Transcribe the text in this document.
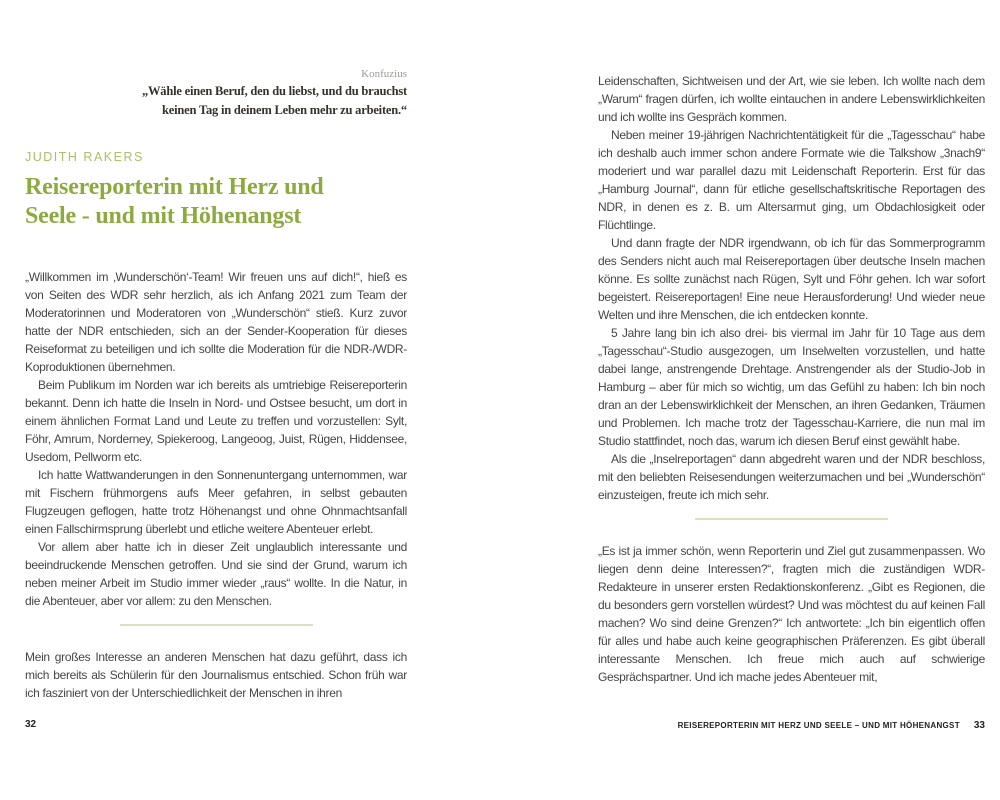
Konfuzius
„Wähle einen Beruf, den du liebst, und du brauchst
keinen Tag in deinem Leben mehr zu arbeiten.“
JUDITH RAKERS
Reisereporterin mit Herz und
Seele - und mit Höhenangst

„Willkommen im ‚Wunderschön‘-Team! Wir freuen uns auf dich!“, hieß es von Seiten des WDR sehr herzlich, als ich Anfang 2021 zum Team der Moderatorinnen und Moderatoren von „Wunderschön“ stieß. Kurz zuvor hatte der NDR entschieden, sich an der Sender-Kooperation für dieses Reiseformat zu beteiligen und ich sollte die Moderation für die NDR-/WDR-Koproduktionen übernehmen.

Beim Publikum im Norden war ich bereits als umtriebige Reisereporterin bekannt. Denn ich hatte die Inseln in Nord- und Ostsee besucht, um dort in einem ähnlichen Format Land und Leute zu treffen und vorzustellen: Sylt, Föhr, Amrum, Norderney, Spiekeroog, Langeoog, Juist, Rügen, Hiddensee, Usedom, Pellworm etc.

Ich hatte Wattwanderungen in den Sonnenuntergang unternommen, war mit Fischern frühmorgens aufs Meer gefahren, in selbst gebauten Flugzeugen geflogen, hatte trotz Höhenangst und ohne Ohnmachtsanfall einen Fallschirmsprung überlebt und etliche weitere Abenteuer erlebt.

Vor allem aber hatte ich in dieser Zeit unglaublich interessante und beeindruckende Menschen getroffen. Und sie sind der Grund, warum ich neben meiner Arbeit im Studio immer wieder „raus“ wollte. In die Natur, in die Abenteuer, aber vor allem: zu den Menschen.

Mein großes Interesse an anderen Menschen hat dazu geführt, dass ich mich bereits als Schülerin für den Journalismus entschied. Schon früh war ich fasziniert von der Unterschiedlichkeit der Menschen in ihren

Leidenschaften, Sichtweisen und der Art, wie sie leben. Ich wollte nach dem „Warum“ fragen dürfen, ich wollte eintauchen in andere Lebenswirklichkeiten und ich wollte ins Gespräch kommen.

Neben meiner 19-jährigen Nachrichtentätigkeit für die „Tagesschau“ habe ich deshalb auch immer schon andere Formate wie die Talkshow „3nach9“ moderiert und war parallel dazu mit Leidenschaft Reporterin. Erst für das „Hamburg Journal“, dann für etliche gesellschaftskritische Reportagen des NDR, in denen es z. B. um Altersarmut ging, um Obdachlosigkeit oder Flüchtlinge.

Und dann fragte der NDR irgendwann, ob ich für das Sommerprogramm des Senders nicht auch mal Reisereportagen über deutsche Inseln machen könne. Es sollte zunächst nach Rügen, Sylt und Föhr gehen. Ich war sofort begeistert. Reisereportagen! Eine neue Herausforderung! Und wieder neue Welten und ihre Menschen, die ich entdecken konnte.

5 Jahre lang bin ich also drei- bis viermal im Jahr für 10 Tage aus dem „Tagesschau“-Studio ausgezogen, um Inselwelten vorzustellen, und hatte dabei lange, anstrengende Drehtage. Anstrengender als der Studio-Job in Hamburg – aber für mich so wichtig, um das Gefühl zu haben: Ich bin noch dran an der Lebenswirklichkeit der Menschen, an ihren Gedanken, Träumen und Problemen. Ich mache trotz der Tagesschau-Karriere, die nun mal im Studio stattfindet, noch das, warum ich diesen Beruf einst gewählt habe.

Als die „Inselreportagen“ dann abgedreht waren und der NDR beschloss, mit den beliebten Reisesendungen weiterzumachen und bei „Wunderschön“ einzusteigen, freute ich mich sehr.

„Es ist ja immer schön, wenn Reporterin und Ziel gut zusammenpassen. Wo liegen denn deine Interessen?“, fragten mich die zuständigen WDR-Redakteure in unserer ersten Redaktionskonferenz. „Gibt es Regionen, die du besonders gern vorstellen würdest? Und was möchtest du auf keinen Fall machen? Wo sind deine Grenzen?“ Ich antwortete: „Ich bin eigentlich offen für alles und habe auch keine geographischen Präferenzen. Es gibt überall interessante Menschen. Ich freue mich auch auf schwierige Gesprächspartner. Und ich mache jedes Abenteuer mit,

32	REISEREPORTERIN MIT HERZ UND SEELE – UND MIT HÖHENANGST 33
